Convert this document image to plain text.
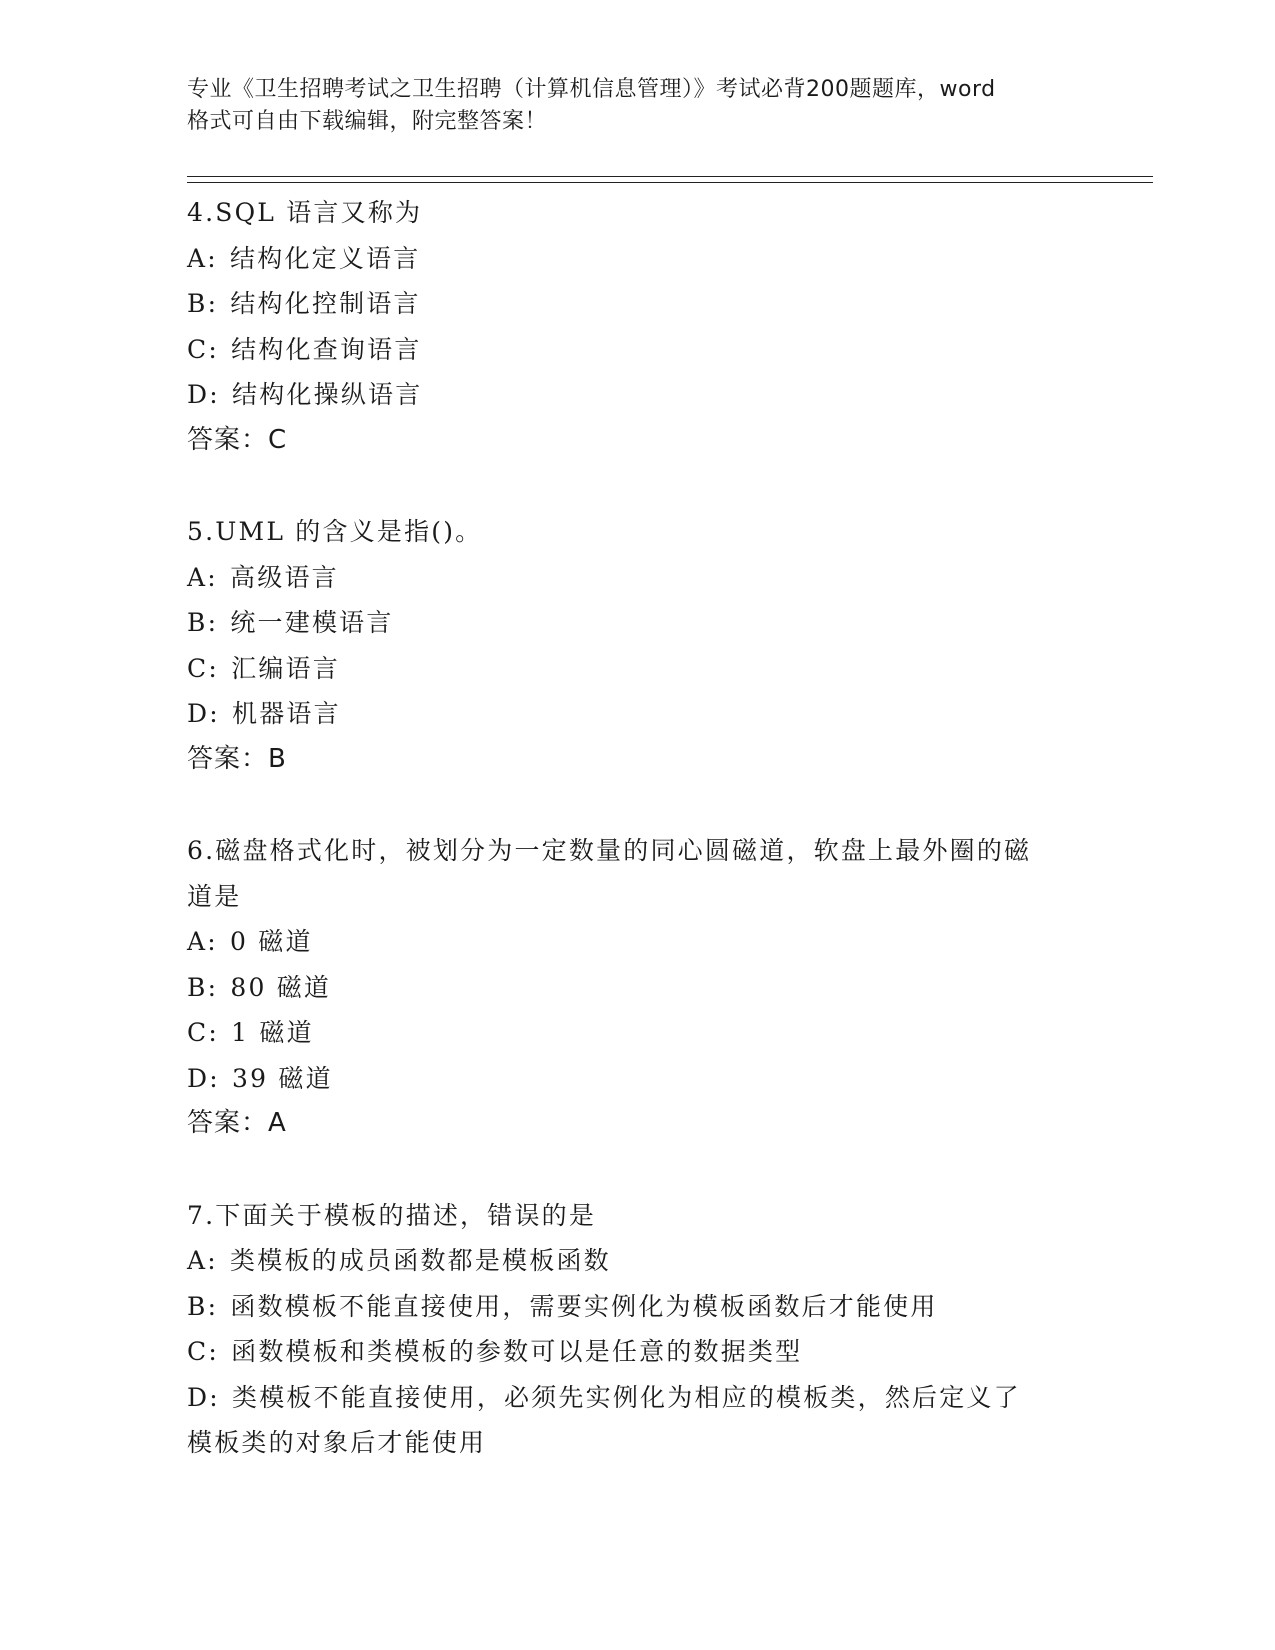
专业《卫生招聘考试之卫生招聘（计算机信息管理）》考试必背200题题库，word
格式可自由下载编辑，附完整答案！
4.SQL 语言又称为
A: 结构化定义语言
B: 结构化控制语言
C: 结构化查询语言
D: 结构化操纵语言
答案：C
5.UML 的含义是指()。
A: 高级语言
B: 统一建模语言
C: 汇编语言
D: 机器语言
答案：B
6.磁盘格式化时，被划分为一定数量的同心圆磁道，软盘上最外圈的磁道是
A: 0 磁道
B: 80 磁道
C: 1 磁道
D: 39 磁道
答案：A
7.下面关于模板的描述，错误的是
A: 类模板的成员函数都是模板函数
B: 函数模板不能直接使用，需要实例化为模板函数后才能使用
C: 函数模板和类模板的参数可以是任意的数据类型
D: 类模板不能直接使用，必须先实例化为相应的模板类，然后定义了模板类的对象后才能使用
